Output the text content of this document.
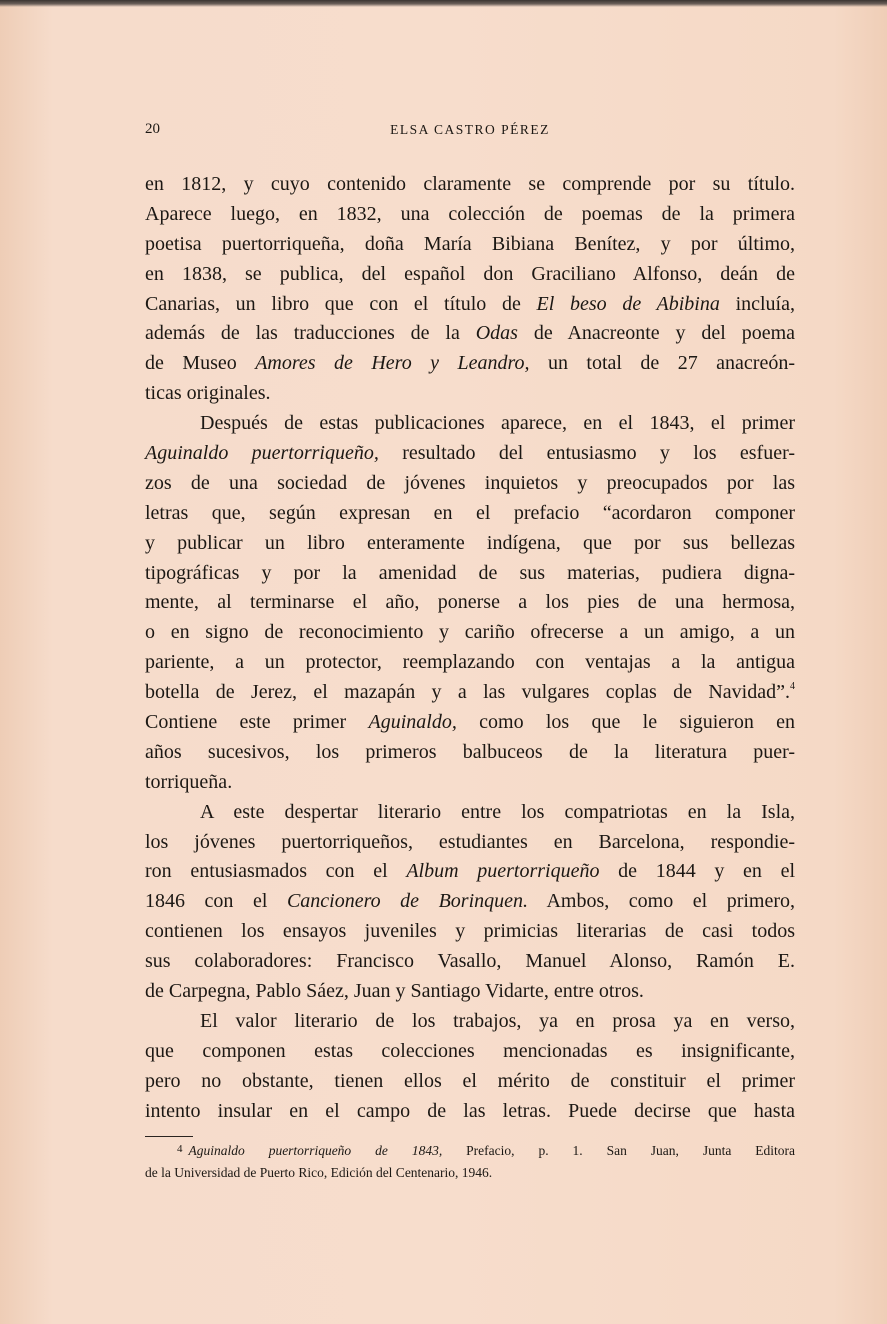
20	ELSA CASTRO PÉREZ
en 1812, y cuyo contenido claramente se comprende por su título.
Aparece luego, en 1832, una colección de poemas de la primera
poetisa puertorriqueña, doña María Bibiana Benítez, y por último,
en 1838, se publica, del español don Graciliano Alfonso, deán de
Canarias, un libro que con el título de El beso de Abibina incluía,
además de las traducciones de la Odas de Anacreonte y del poema
de Museo Amores de Hero y Leandro, un total de 27 anacreón-
ticas originales.
Después de estas publicaciones aparece, en el 1843, el primer
Aguinaldo puertorriqueño, resultado del entusiasmo y los esfuer-
zos de una sociedad de jóvenes inquietos y preocupados por las
letras que, según expresan en el prefacio “acordaron componer
y publicar un libro enteramente indígena, que por sus bellezas
tipográficas y por la amenidad de sus materias, pudiera digna-
mente, al terminarse el año, ponerse a los pies de una hermosa,
o en signo de reconocimiento y cariño ofrecerse a un amigo, a un
pariente, a un protector, reemplazando con ventajas a la antigua
botella de Jerez, el mazapán y a las vulgares coplas de Navidad”.$^4$
Contiene este primer Aguinaldo, como los que le siguieron en
años sucesivos, los primeros balbuceos de la literatura puer-
torriqueña.
A este despertar literario entre los compatriotas en la Isla,
los jóvenes puertorriqueños, estudiantes en Barcelona, respondie-
ron entusiasmados con el Album puertorriqueño de 1844 y en el
1846 con el Cancionero de Borinquen. Ambos, como el primero,
contienen los ensayos juveniles y primicias literarias de casi todos
sus colaboradores: Francisco Vasallo, Manuel Alonso, Ramón E.
de Carpegna, Pablo Sáez, Juan y Santiago Vidarte, entre otros.
El valor literario de los trabajos, ya en prosa ya en verso,
que componen estas colecciones mencionadas es insignificante,
pero no obstante, tienen ellos el mérito de constituir el primer
intento insular en el campo de las letras. Puede decirse que hasta
$^4$ Aguinaldo puertorriqueño de 1843, Prefacio, p. 1. San Juan, Junta Editora
de la Universidad de Puerto Rico, Edición del Centenario, 1946.
